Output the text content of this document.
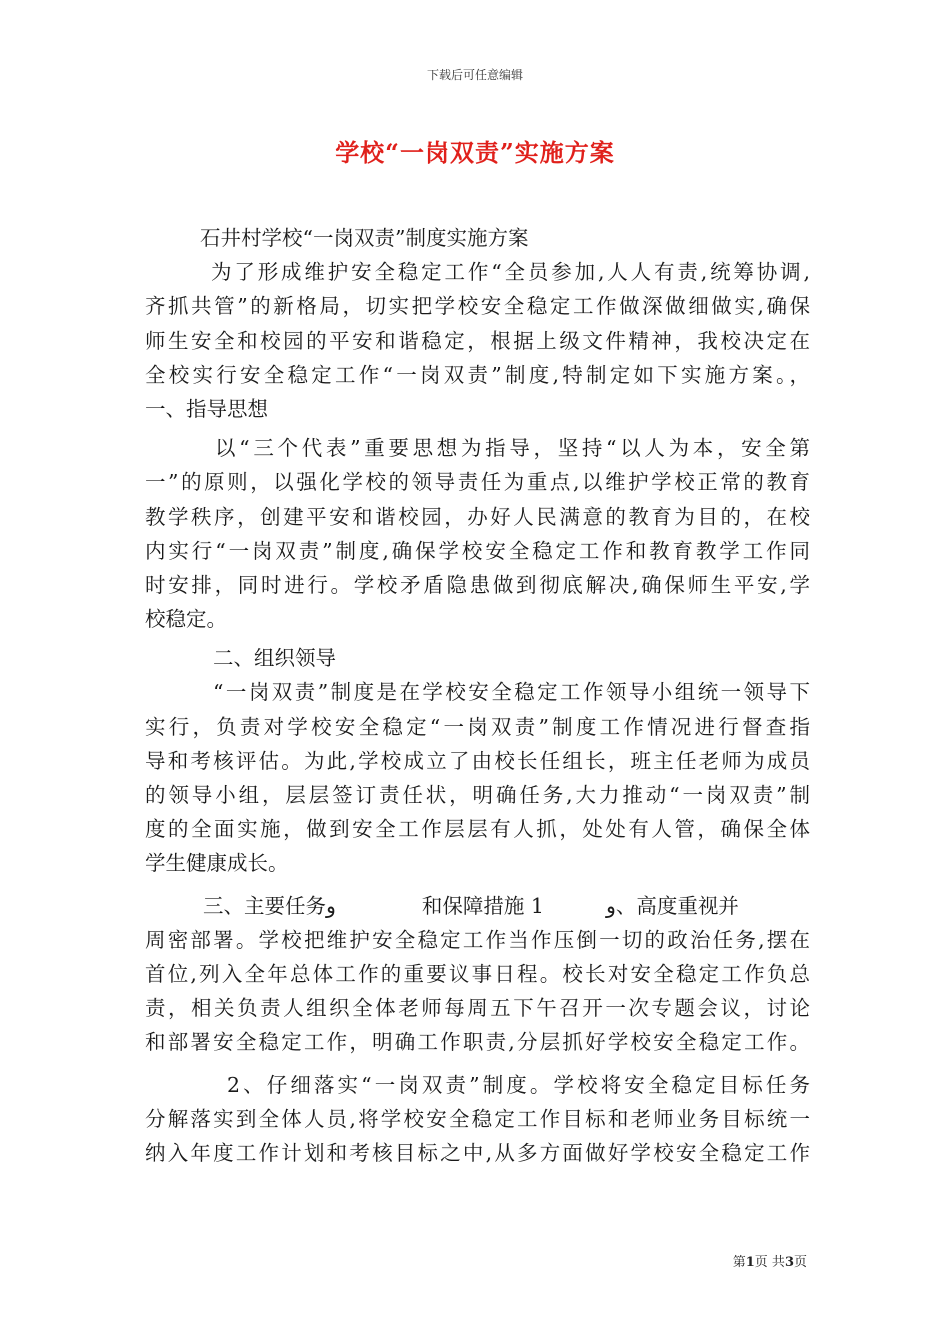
下载后可任意编辑
学校“一岗双责”实施方案
石井村学校“一岗双责”制度实施方案
为了形成维护安全稳定工作“全员参加,人人有责,统筹协调,
齐抓共管”的新格局，切实把学校安全稳定工作做深做细做实,确保
师生安全和校园的平安和谐稳定，根据上级文件精神，我校决定在
全校实行安全稳定工作“一岗双责”制度,特制定如下实施方案。，
一、指导思想
以“三个代表”重要思想为指导，坚持“以人为本，安全第
一”的原则，以强化学校的领导责任为重点,以维护学校正常的教育
教学秩序，创建平安和谐校园，办好人民满意的教育为目的，在校
内实行“一岗双责”制度,确保学校安全稳定工作和教育教学工作同
时安排，同时进行。学校矛盾隐患做到彻底解决,确保师生平安,学
校稳定。
二、组织领导
“一岗双责”制度是在学校安全稳定工作领导小组统一领导下
实行，负责对学校安全稳定“一岗双责”制度工作情况进行督查指
导和考核评估。为此,学校成立了由校长任组长，班主任老师为成员
的领导小组，层层签订责任状，明确任务,大力推动“一岗双责”制
度的全面实施，做到安全工作层层有人抓，处处有人管，确保全体
学生健康成长。
三、主要任务و	和保障措施 1	و、高度重视并
周密部署。学校把维护安全稳定工作当作压倒一切的政治任务,摆在
首位,列入全年总体工作的重要议事日程。校长对安全稳定工作负总
责，相关负责人组织全体老师每周五下午召开一次专题会议，讨论
和部署安全稳定工作，明确工作职责,分层抓好学校安全稳定工作。
2、仔细落实“一岗双责”制度。学校将安全稳定目标任务
分解落实到全体人员,将学校安全稳定工作目标和老师业务目标统一
纳入年度工作计划和考核目标之中,从多方面做好学校安全稳定工作
第1页 共3页
